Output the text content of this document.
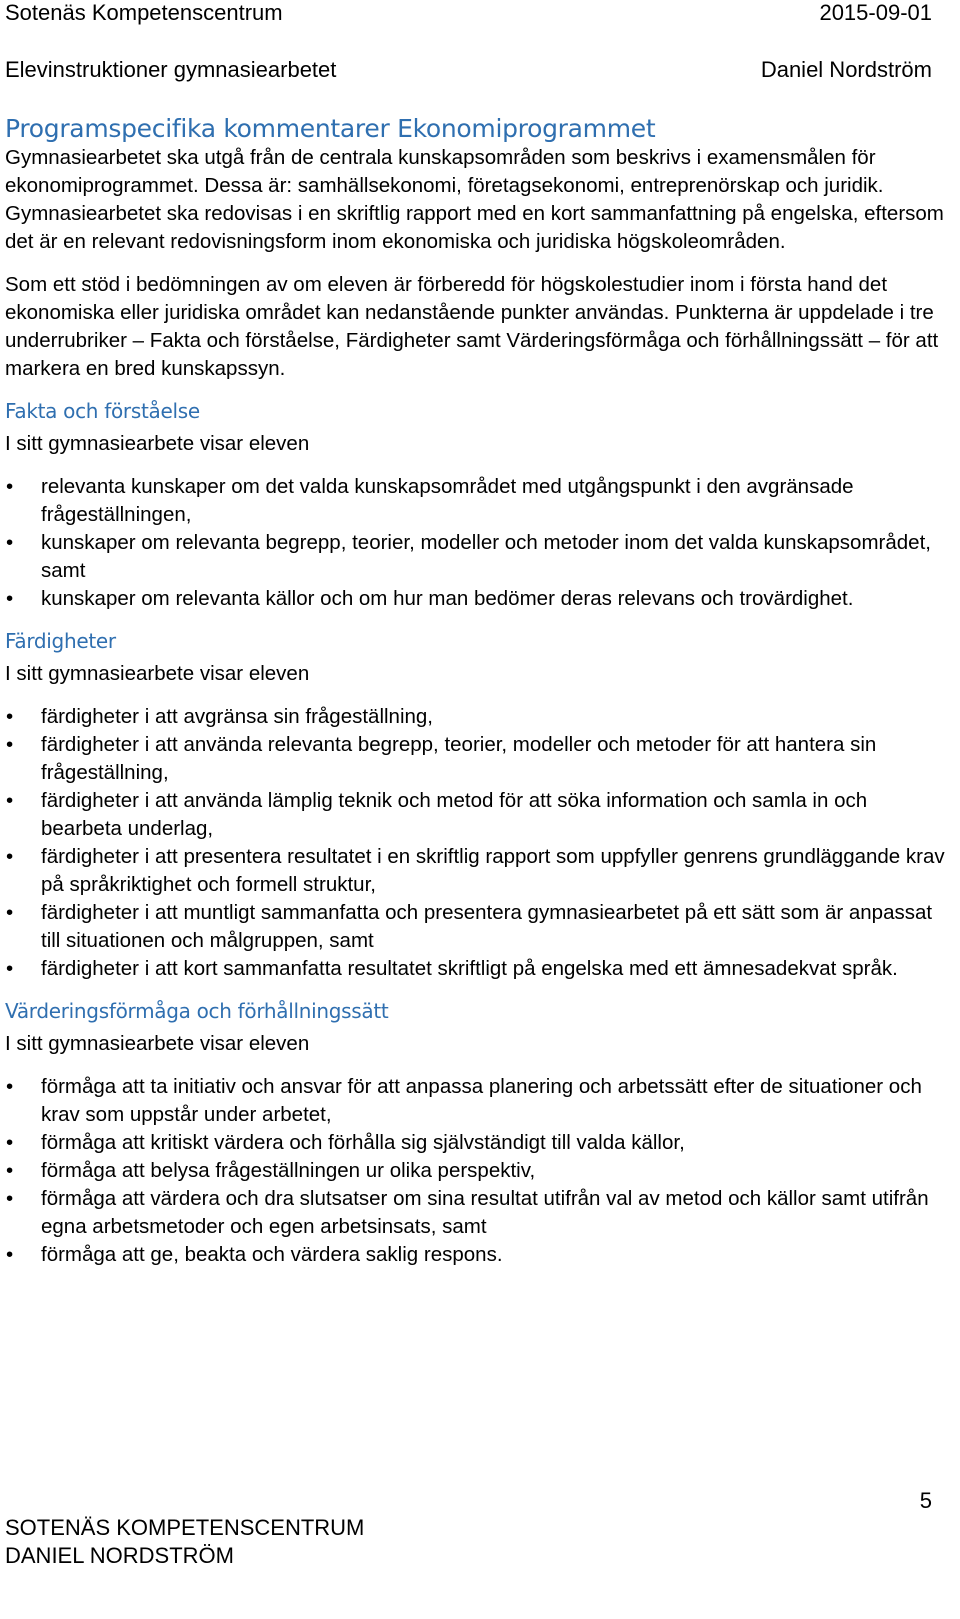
Sotenäs Kompetenscentrum	2015-09-01
Elevinstruktioner gymnasiearbetet	Daniel Nordström
Programspecifika kommentarer Ekonomiprogrammet

Gymnasiearbetet ska utgå från de centrala kunskapsområden som beskrivs i examensmålen för ekonomiprogrammet. Dessa är: samhällsekonomi, företagsekonomi, entreprenörskap och juridik. Gymnasiearbetet ska redovisas i en skriftlig rapport med en kort sammanfattning på engelska, eftersom det är en relevant redovisningsform inom ekonomiska och juridiska högskoleområden.

Som ett stöd i bedömningen av om eleven är förberedd för högskolestudier inom i första hand det ekonomiska eller juridiska området kan nedanstående punkter användas. Punkterna är uppdelade i tre underrubriker – Fakta och förståelse, Färdigheter samt Värderingsförmåga och förhållningssätt – för att markera en bred kunskapssyn.

Fakta och förståelse

I sitt gymnasiearbete visar eleven

• relevanta kunskaper om det valda kunskapsområdet med utgångspunkt i den avgränsade frågeställningen,
• kunskaper om relevanta begrepp, teorier, modeller och metoder inom det valda kunskapsområdet, samt
• kunskaper om relevanta källor och om hur man bedömer deras relevans och trovärdighet.
Färdigheter

I sitt gymnasiearbete visar eleven

• färdigheter i att avgränsa sin frågeställning,
• färdigheter i att använda relevanta begrepp, teorier, modeller och metoder för att hantera sin frågeställning,
• färdigheter i att använda lämplig teknik och metod för att söka information och samla in och bearbeta underlag,
• färdigheter i att presentera resultatet i en skriftlig rapport som uppfyller genrens grundläggande krav på språkriktighet och formell struktur,
• färdigheter i att muntligt sammanfatta och presentera gymnasiearbetet på ett sätt som är anpassat till situationen och målgruppen, samt
• färdigheter i att kort sammanfatta resultatet skriftligt på engelska med ett ämnesadekvat språk.
Värderingsförmåga och förhållningssätt

I sitt gymnasiearbete visar eleven

• förmåga att ta initiativ och ansvar för att anpassa planering och arbetssätt efter de situationer och krav som uppstår under arbetet,
• förmåga att kritiskt värdera och förhålla sig självständigt till valda källor,
• förmåga att belysa frågeställningen ur olika perspektiv,
• förmåga att värdera och dra slutsatser om sina resultat utifrån val av metod och källor samt utifrån egna arbetsmetoder och egen arbetsinsats, samt
• förmåga att ge, beakta och värdera saklig respons.
5
SOTENÄS KOMPETENSCENTRUM
DANIEL NORDSTRÖM
